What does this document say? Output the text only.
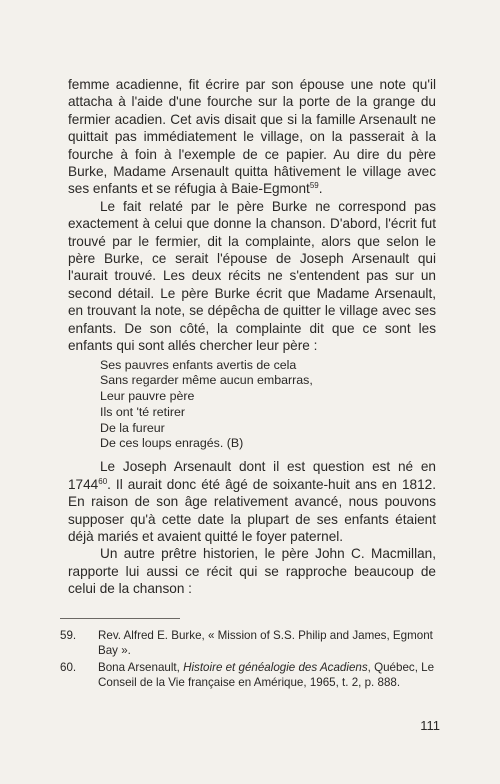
femme acadienne, fit écrire par son épouse une note qu'il attacha à l'aide d'une fourche sur la porte de la grange du fermier acadien. Cet avis disait que si la famille Arsenault ne quittait pas immédiatement le village, on la passerait à la fourche à foin à l'exemple de ce papier. Au dire du père Burke, Madame Arsenault quitta hâtivement le village avec ses enfants et se réfugia à Baie-Egmont$^{59}$.

Le fait relaté par le père Burke ne correspond pas exactement à celui que donne la chanson. D'abord, l'écrit fut trouvé par le fermier, dit la complainte, alors que selon le père Burke, ce serait l'épouse de Joseph Arsenault qui l'aurait trouvé. Les deux récits ne s'entendent pas sur un second détail. Le père Burke écrit que Madame Arsenault, en trouvant la note, se dépêcha de quitter le village avec ses enfants. De son côté, la complainte dit que ce sont les enfants qui sont allés chercher leur père :

Ses pauvres enfants avertis de cela
Sans regarder même aucun embarras,
Leur pauvre père
Ils ont 'té retirer
De la fureur
De ces loups enragés. (B)

Le Joseph Arsenault dont il est question est né en 1744$^{60}$. Il aurait donc été âgé de soixante-huit ans en 1812. En raison de son âge relativement avancé, nous pouvons supposer qu'à cette date la plupart de ses enfants étaient déjà mariés et avaient quitté le foyer paternel.

Un autre prêtre historien, le père John C. Macmillan, rapporte lui aussi ce récit qui se rapproche beaucoup de celui de la chanson :

59. Rev. Alfred E. Burke, « Mission of S.S. Philip and James, Egmont Bay ».
60. Bona Arsenault, Histoire et généalogie des Acadiens, Québec, Le Conseil de la Vie française en Amérique, 1965, t. 2, p. 888.
111
